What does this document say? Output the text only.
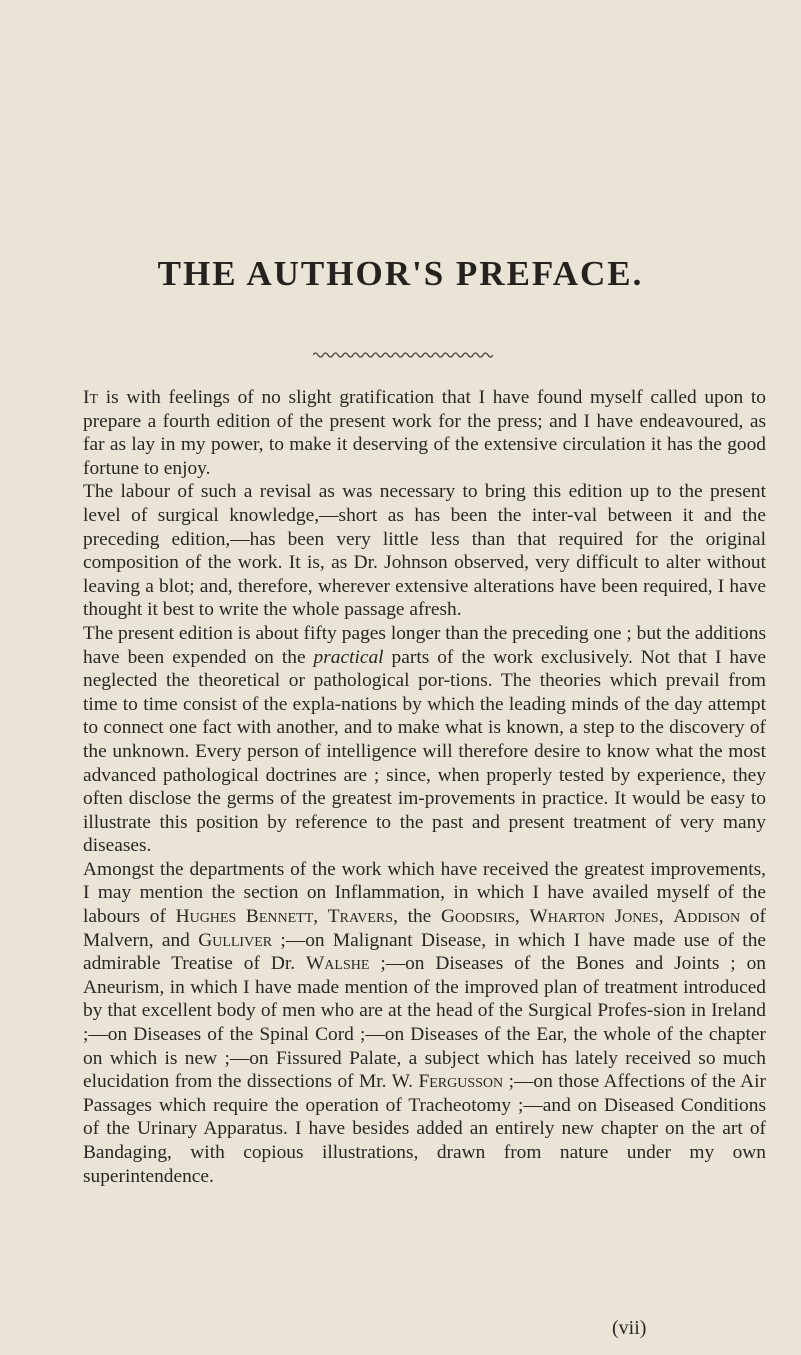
THE AUTHOR'S PREFACE.

It is with feelings of no slight gratification that I have found myself called upon to prepare a fourth edition of the present work for the press; and I have endeavoured, as far as lay in my power, to make it deserving of the extensive circulation it has the good fortune to enjoy.

The labour of such a revisal as was necessary to bring this edition up to the present level of surgical knowledge,—short as has been the inter-val between it and the preceding edition,—has been very little less than that required for the original composition of the work. It is, as Dr. Johnson observed, very difficult to alter without leaving a blot; and, therefore, wherever extensive alterations have been required, I have thought it best to write the whole passage afresh.

The present edition is about fifty pages longer than the preceding one ; but the additions have been expended on the practical parts of the work exclusively. Not that I have neglected the theoretical or pathological por-tions. The theories which prevail from time to time consist of the expla-nations by which the leading minds of the day attempt to connect one fact with another, and to make what is known, a step to the discovery of the unknown. Every person of intelligence will therefore desire to know what the most advanced pathological doctrines are ; since, when properly tested by experience, they often disclose the germs of the greatest im-provements in practice. It would be easy to illustrate this position by reference to the past and present treatment of very many diseases.

Amongst the departments of the work which have received the greatest improvements, I may mention the section on Inflammation, in which I have availed myself of the labours of Hughes Bennett, Travers, the Goodsirs, Wharton Jones, Addison of Malvern, and Gulliver ;—on Malignant Disease, in which I have made use of the admirable Treatise of Dr. Walshe ;—on Diseases of the Bones and Joints ; on Aneurism, in which I have made mention of the improved plan of treatment introduced by that excellent body of men who are at the head of the Surgical Profes-sion in Ireland ;—on Diseases of the Spinal Cord ;—on Diseases of the Ear, the whole of the chapter on which is new ;—on Fissured Palate, a subject which has lately received so much elucidation from the dissections of Mr. W. Fergusson ;—on those Affections of the Air Passages which require the operation of Tracheotomy ;—and on Diseased Conditions of the Urinary Apparatus. I have besides added an entirely new chapter on the art of Bandaging, with copious illustrations, drawn from nature under my own superintendence.

(vii)
